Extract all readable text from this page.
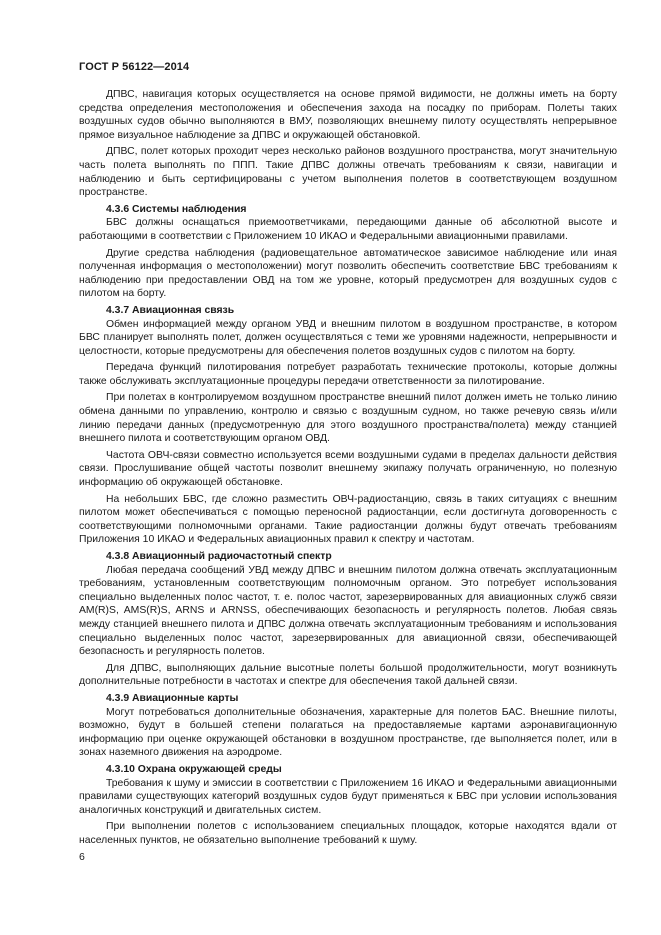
ГОСТ Р 56122—2014

ДПВС, навигация которых осуществляется на основе прямой видимости, не должны иметь на борту средства определения местоположения и обеспечения захода на посадку по приборам. Полеты таких воздушных судов обычно выполняются в ВМУ, позволяющих внешнему пилоту осуществлять непрерывное прямое визуальное наблюдение за ДПВС и окружающей обстановкой.

ДПВС, полет которых проходит через несколько районов воздушного пространства, могут значительную часть полета выполнять по ППП. Такие ДПВС должны отвечать требованиям к связи, навигации и наблюдению и быть сертифицированы с учетом выполнения полетов в соответствующем воздушном пространстве.

4.3.6 Системы наблюдения

БВС должны оснащаться приемоответчиками, передающими данные об абсолютной высоте и работающими в соответствии с Приложением 10 ИКАО и Федеральными авиационными правилами.

Другие средства наблюдения (радиовещательное автоматическое зависимое наблюдение или иная полученная информация о местоположении) могут позволить обеспечить соответствие БВС требованиям к наблюдению при предоставлении ОВД на том же уровне, который предусмотрен для воздушных судов с пилотом на борту.

4.3.7 Авиационная связь

Обмен информацией между органом УВД и внешним пилотом в воздушном пространстве, в котором БВС планирует выполнять полет, должен осуществляться с теми же уровнями надежности, непрерывности и целостности, которые предусмотрены для обеспечения полетов воздушных судов с пилотом на борту.

Передача функций пилотирования потребует разработать технические протоколы, которые должны также обслуживать эксплуатационные процедуры передачи ответственности за пилотирование.

При полетах в контролируемом воздушном пространстве внешний пилот должен иметь не только линию обмена данными по управлению, контролю и связью с воздушным судном, но также речевую связь и/или линию передачи данных (предусмотренную для этого воздушного пространства/полета) между станцией внешнего пилота и соответствующим органом ОВД.

Частота ОВЧ-связи совместно используется всеми воздушными судами в пределах дальности действия связи. Прослушивание общей частоты позволит внешнему экипажу получать ограниченную, но полезную информацию об окружающей обстановке.

На небольших БВС, где сложно разместить ОВЧ-радиостанцию, связь в таких ситуациях с внешним пилотом может обеспечиваться с помощью переносной радиостанции, если достигнута договоренность с соответствующими полномочными органами. Такие радиостанции должны будут отвечать требованиям Приложения 10 ИКАО и Федеральных авиационных правил к спектру и частотам.

4.3.8 Авиационный радиочастотный спектр

Любая передача сообщений УВД между ДПВС и внешним пилотом должна отвечать эксплуатационным требованиям, установленным соответствующим полномочным органом. Это потребует использования специально выделенных полос частот, т. е. полос частот, зарезервированных для авиационных служб связи AM(R)S, AMS(R)S, ARNS и ARNSS, обеспечивающих безопасность и регулярность полетов. Любая связь между станцией внешнего пилота и ДПВС должна отвечать эксплуатационным требованиям и использования специально выделенных полос частот, зарезервированных для авиационной связи, обеспечивающей безопасность и регулярность полетов.

Для ДПВС, выполняющих дальние высотные полеты большой продолжительности, могут возникнуть дополнительные потребности в частотах и спектре для обеспечения такой дальней связи.

4.3.9 Авиационные карты

Могут потребоваться дополнительные обозначения, характерные для полетов БАС. Внешние пилоты, возможно, будут в большей степени полагаться на предоставляемые картами аэронавигационную информацию при оценке окружающей обстановки в воздушном пространстве, где выполняется полет, или в зонах наземного движения на аэродроме.

4.3.10 Охрана окружающей среды

Требования к шуму и эмиссии в соответствии с Приложением 16 ИКАО и Федеральными авиационными правилами существующих категорий воздушных судов будут применяться к БВС при условии использования аналогичных конструкций и двигательных систем.

При выполнении полетов с использованием специальных площадок, которые находятся вдали от населенных пунктов, не обязательно выполнение требований к шуму.

6
